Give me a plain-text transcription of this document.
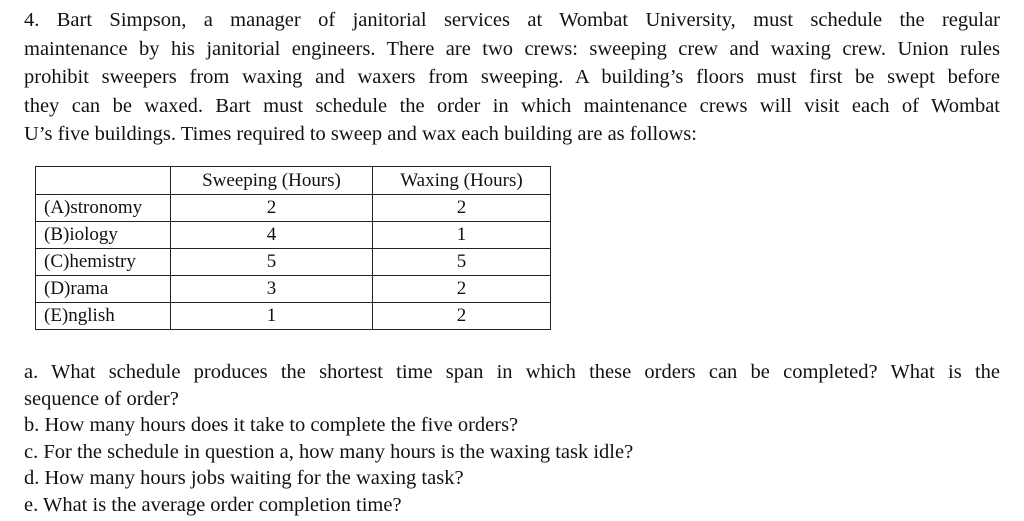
4. Bart Simpson, a manager of janitorial services at Wombat University, must schedule the regular
maintenance by his janitorial engineers. There are two crews: sweeping crew and waxing crew. Union rules
prohibit sweepers from waxing and waxers from sweeping. A building’s floors must first be swept before
they can be waxed. Bart must schedule the order in which maintenance crews will visit each of Wombat
U’s five buildings. Times required to sweep and wax each building are as follows:
	Sweeping (Hours)	Waxing (Hours)
(A)stronomy	2	2
(B)iology	4	1
(C)hemistry	5	5
(D)rama	3	2
(E)nglish	1	2
a. What schedule produces the shortest time span in which these orders can be completed? What is the
sequence of order?
b. How many hours does it take to complete the five orders?
c. For the schedule in question a, how many hours is the waxing task idle?
d. How many hours jobs waiting for the waxing task?
e. What is the average order completion time?
